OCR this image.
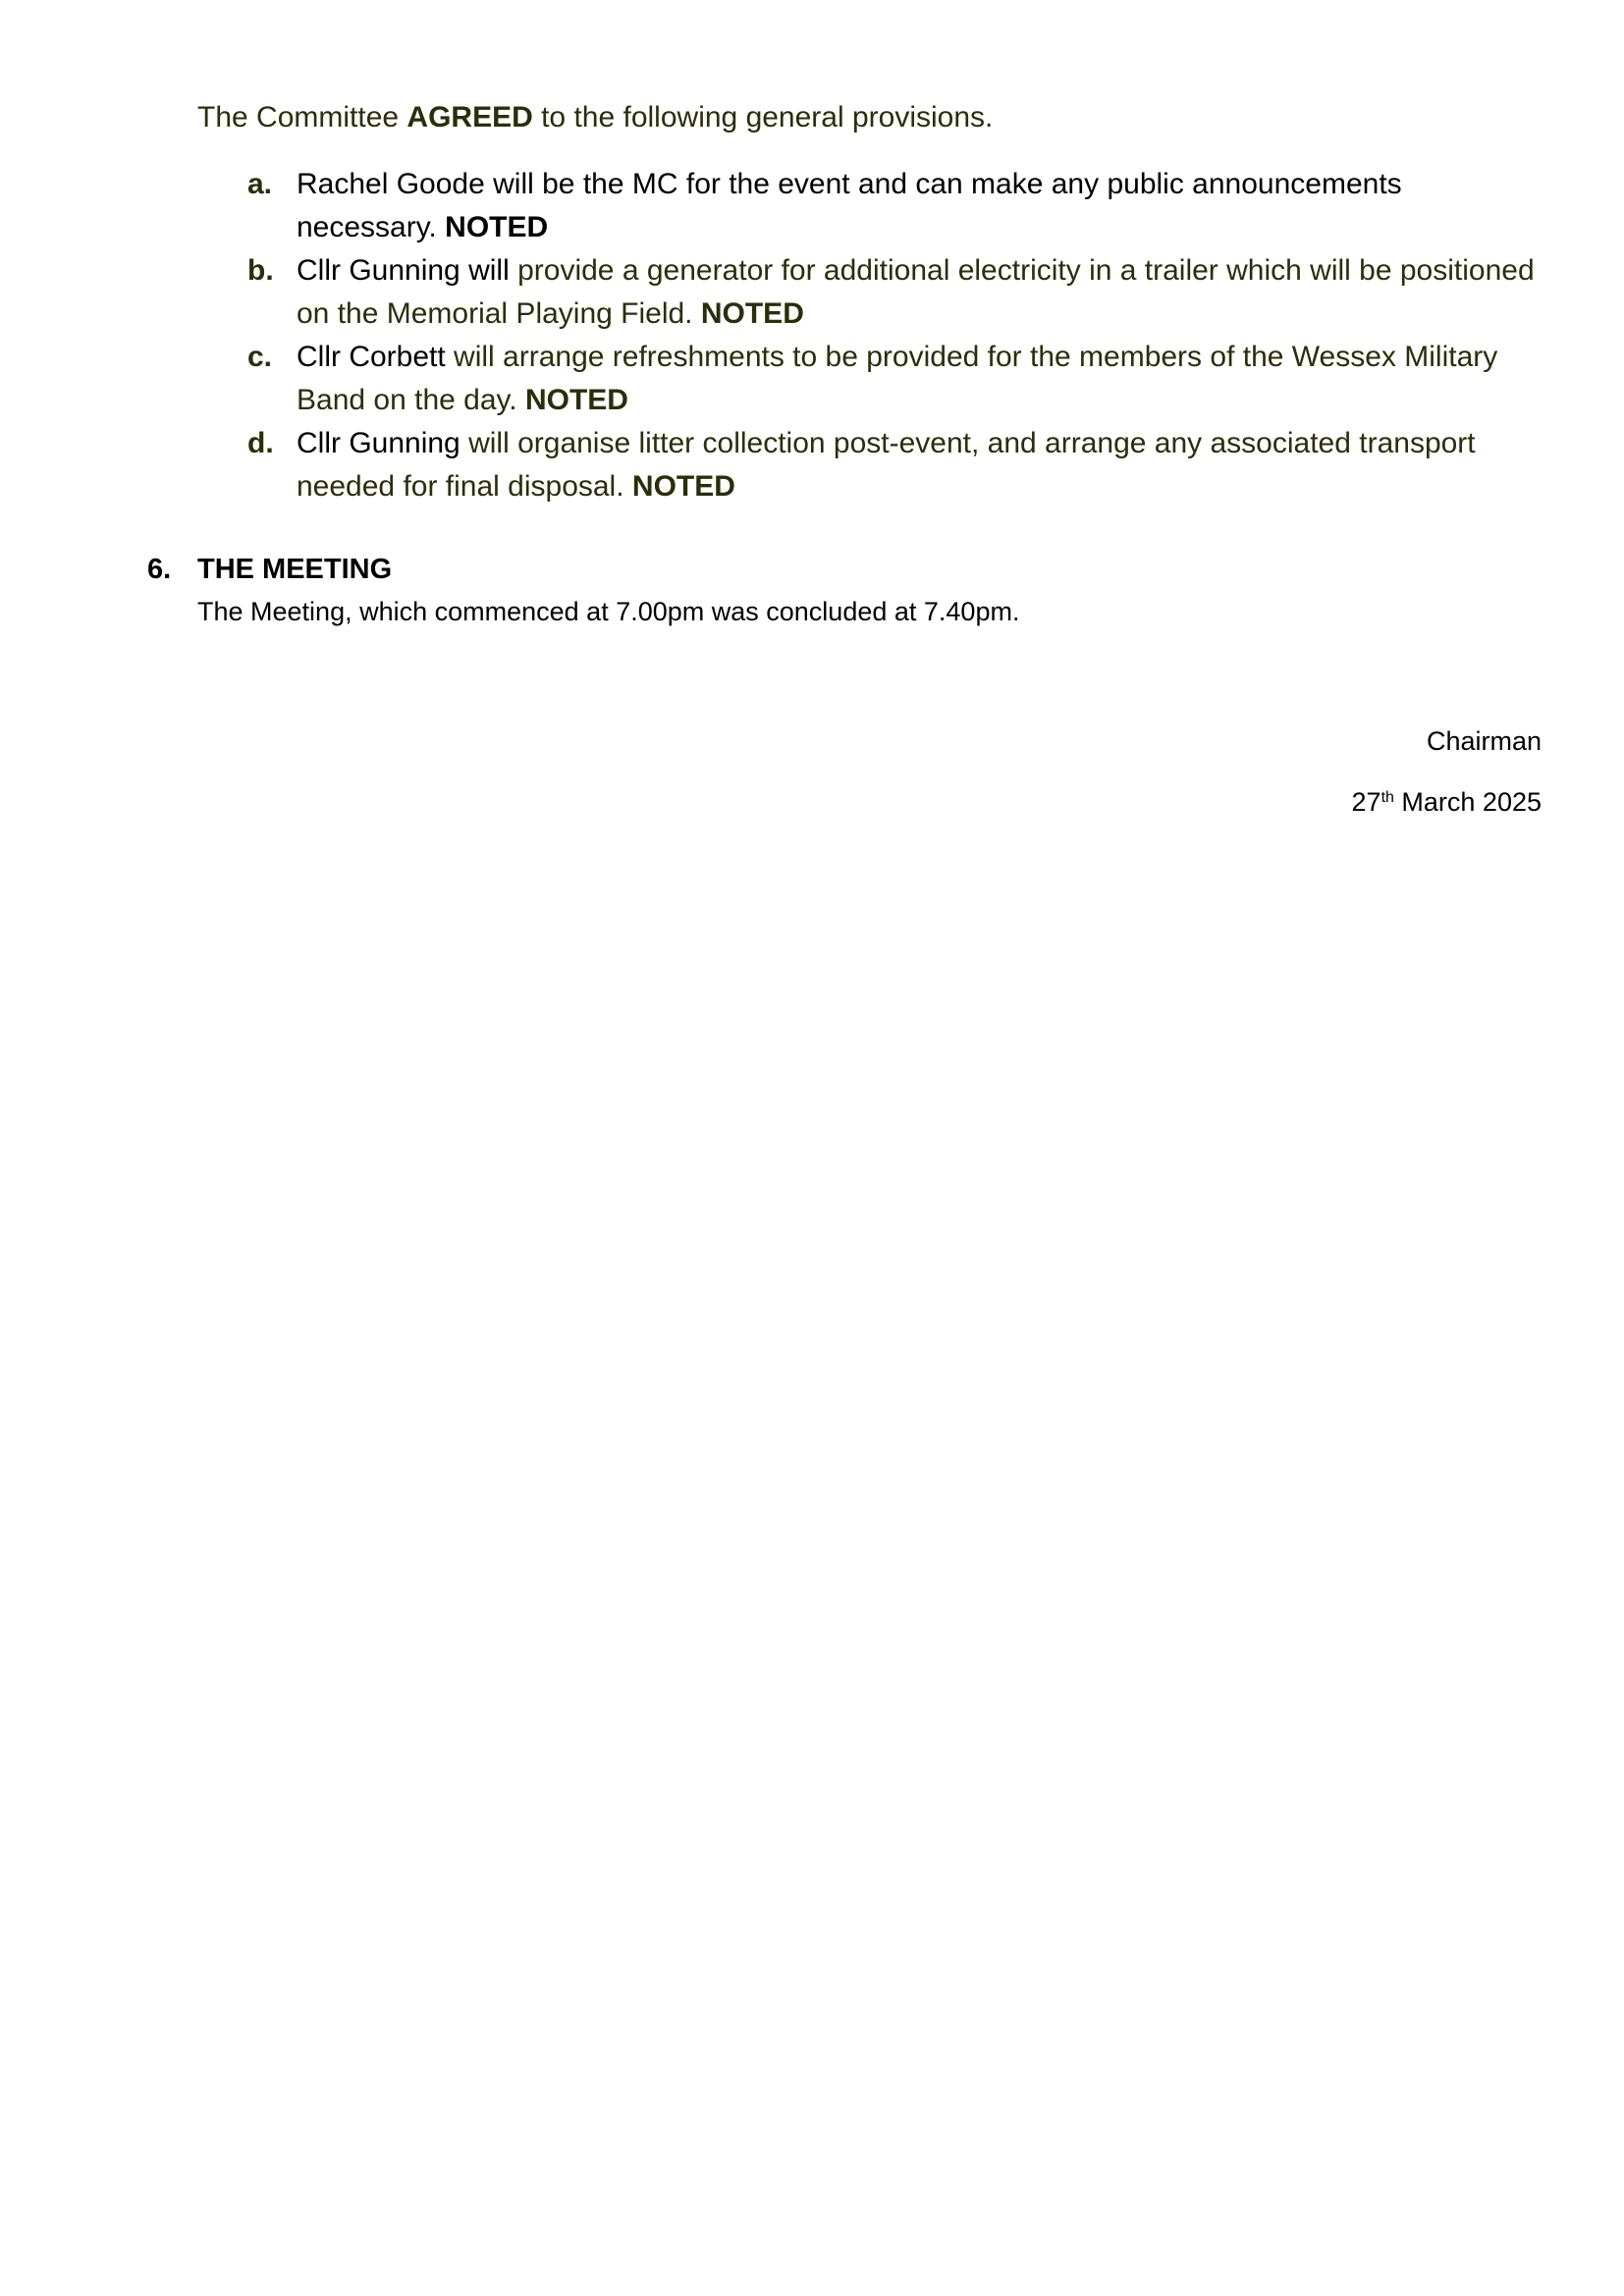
The Committee AGREED to the following general provisions.

a. Rachel Goode will be the MC for the event and can make any public announcements necessary. NOTED

b. Cllr Gunning will provide a generator for additional electricity in a trailer which will be positioned on the Memorial Playing Field. NOTED

c. Cllr Corbett will arrange refreshments to be provided for the members of the Wessex Military Band on the day. NOTED

d. Cllr Gunning will organise litter collection post-event, and arrange any associated transport needed for final disposal. NOTED

6. THE MEETING
The Meeting, which commenced at 7.00pm was concluded at 7.40pm.
Chairman
27th March 2025
